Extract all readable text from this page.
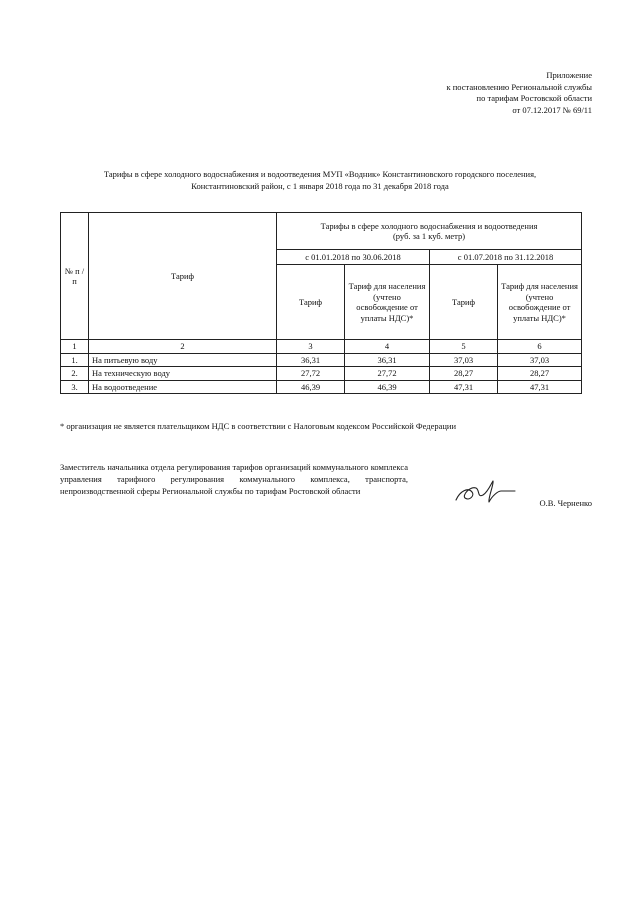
Приложение
к постановлению Региональной службы
по тарифам Ростовской области
от 07.12.2017 № 69/11
Тарифы в сфере холодного водоснабжения и водоотведения МУП «Водник» Константиновского городского поселения,
Константиновский район, с 1 января 2018 года по 31 декабря 2018 года
№ п /п	Тариф	Тарифы в сфере холодного водоснабжения и водоотведения (руб. за 1 куб. метр)			
		с 01.01.2018 по 30.06.2018		с 01.07.2018 по 31.12.2018	
		Тариф	Тариф для населения (учтено освобождение от уплаты НДС)*	Тариф	Тариф для населения (учтено освобождение от уплаты НДС)*
1	2	3	4	5	6
1.	На питьевую воду	36,31	36,31	37,03	37,03
2.	На техническую воду	27,72	27,72	28,27	28,27
3.	На водоотведение	46,39	46,39	47,31	47,31
* организация не является плательщиком НДС в соответствии с Налоговым кодексом Российской Федерации
Заместитель начальника отдела регулирования тарифов организаций коммунального комплекса управления тарифного регулирования коммунального комплекса, транспорта, непроизводственной сферы Региональной службы по тарифам Ростовской области
О.В. Черненко
